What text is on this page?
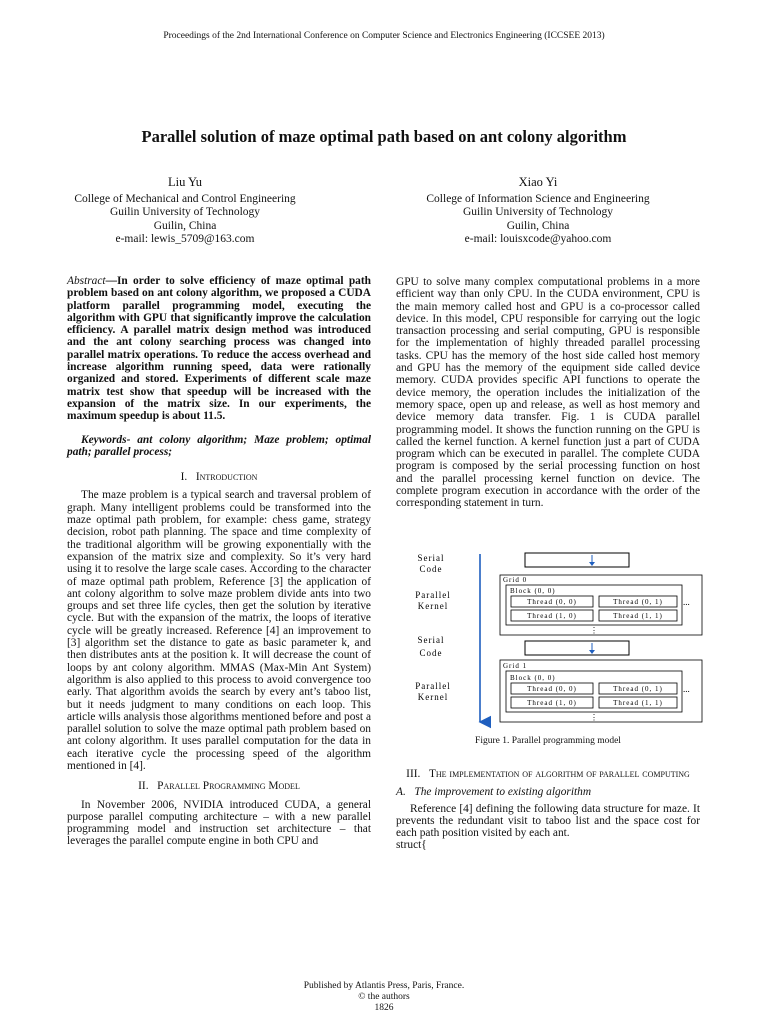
Proceedings of the 2nd International Conference on Computer Science and Electronics Engineering (ICCSEE 2013)
Parallel solution of maze optimal path based on ant colony algorithm
Liu Yu
College of Mechanical and Control Engineering
Guilin University of Technology
Guilin, China
e-mail: lewis_5709@163.com
Xiao Yi
College of Information Science and Engineering
Guilin University of Technology
Guilin, China
e-mail: louisxcode@yahoo.com

Abstract—In order to solve efficiency of maze optimal path problem based on ant colony algorithm, we proposed a CUDA platform parallel programming model, executing the algorithm with GPU that significantly improve the calculation efficiency. A parallel matrix design method was introduced and the ant colony searching process was changed into parallel matrix operations. To reduce the access overhead and increase algorithm running speed, data were rationally organized and stored. Experiments of different scale maze matrix test show that speedup will be increased with the expansion of the matrix size. In our experiments, the maximum speedup is about 11.5.

Keywords- ant colony algorithm; Maze problem; optimal path; parallel process;

I. Introduction

The maze problem is a typical search and traversal problem of graph. Many intelligent problems could be transformed into the maze optimal path problem, for example: chess game, strategy decision, robot path planning. The space and time complexity of the traditional algorithm will be growing exponentially with the expansion of the matrix size and complexity. So it’s very hard using it to resolve the large scale cases. According to the character of maze optimal path problem, Reference [3] the application of ant colony algorithm to solve maze problem divide ants into two groups and set three life cycles, then get the solution by iterative cycle. But with the expansion of the matrix, the loops of iterative cycle will be greatly increased. Reference [4] an improvement to [3] algorithm set the distance to gate as basic parameter k, and then distributes ants at the position k. It will decrease the count of loops by ant colony algorithm. MMAS (Max-Min Ant System) algorithm is also applied to this process to avoid convergence too early. That algorithm avoids the search by every ant’s taboo list, but it needs judgment to many conditions on each loop. This article wills analysis those algorithms mentioned before and post a parallel solution to solve the maze optimal path problem based on ant colony algorithm. It uses parallel computation for the data in each iterative cycle the processing speed of the algorithm mentioned in [4].

II. Parallel Programming Model

In November 2006, NVIDIA introduced CUDA, a general purpose parallel computing architecture – with a new parallel programming model and instruction set architecture – that leverages the parallel compute engine in both CPU and

GPU to solve many complex computational problems in a more efficient way than only CPU. In the CUDA environment, CPU is the main memory called host and GPU is a co-processor called device. In this model, CPU responsible for carrying out the logic transaction processing and serial computing, GPU is responsible for the implementation of highly threaded parallel processing tasks. CPU has the memory of the host side called host memory and GPU has the memory of the equipment side called device memory. CUDA provides specific API functions to operate the device memory, the operation includes the initialization of the memory space, open up and release, as well as host memory and device memory data transfer. Fig. 1 is CUDA parallel programming model. It shows the function running on the GPU is called the kernel function. A kernel function just a part of CUDA program which can be executed in parallel. The complete CUDA program is composed by the serial processing function on host and the parallel processing kernel function on device. The complete program execution in accordance with the order of the corresponding statement in turn.

Serial
Code
Parallel
Kernel
Grid 0
Block (0, 0)
Thread (0, 0)	Thread (0, 1)
Thread (1, 0)	Thread (1, 1)
...
⋮
Serial
Code
Parallel
Kernel
Grid 1
Block (0, 0)
Thread (0, 0)	Thread (0, 1)
Thread (1, 0)	Thread (1, 1)
...
⋮
Figure 1. Parallel programming model
III. The implementation of algorithm of parallel computing

A. The improvement to existing algorithm

Reference [4] defining the following data structure for maze. It prevents the redundant visit to taboo list and the space cost for each path position visited by each ant.

struct{

Published by Atlantis Press, Paris, France.
© the authors
1826
